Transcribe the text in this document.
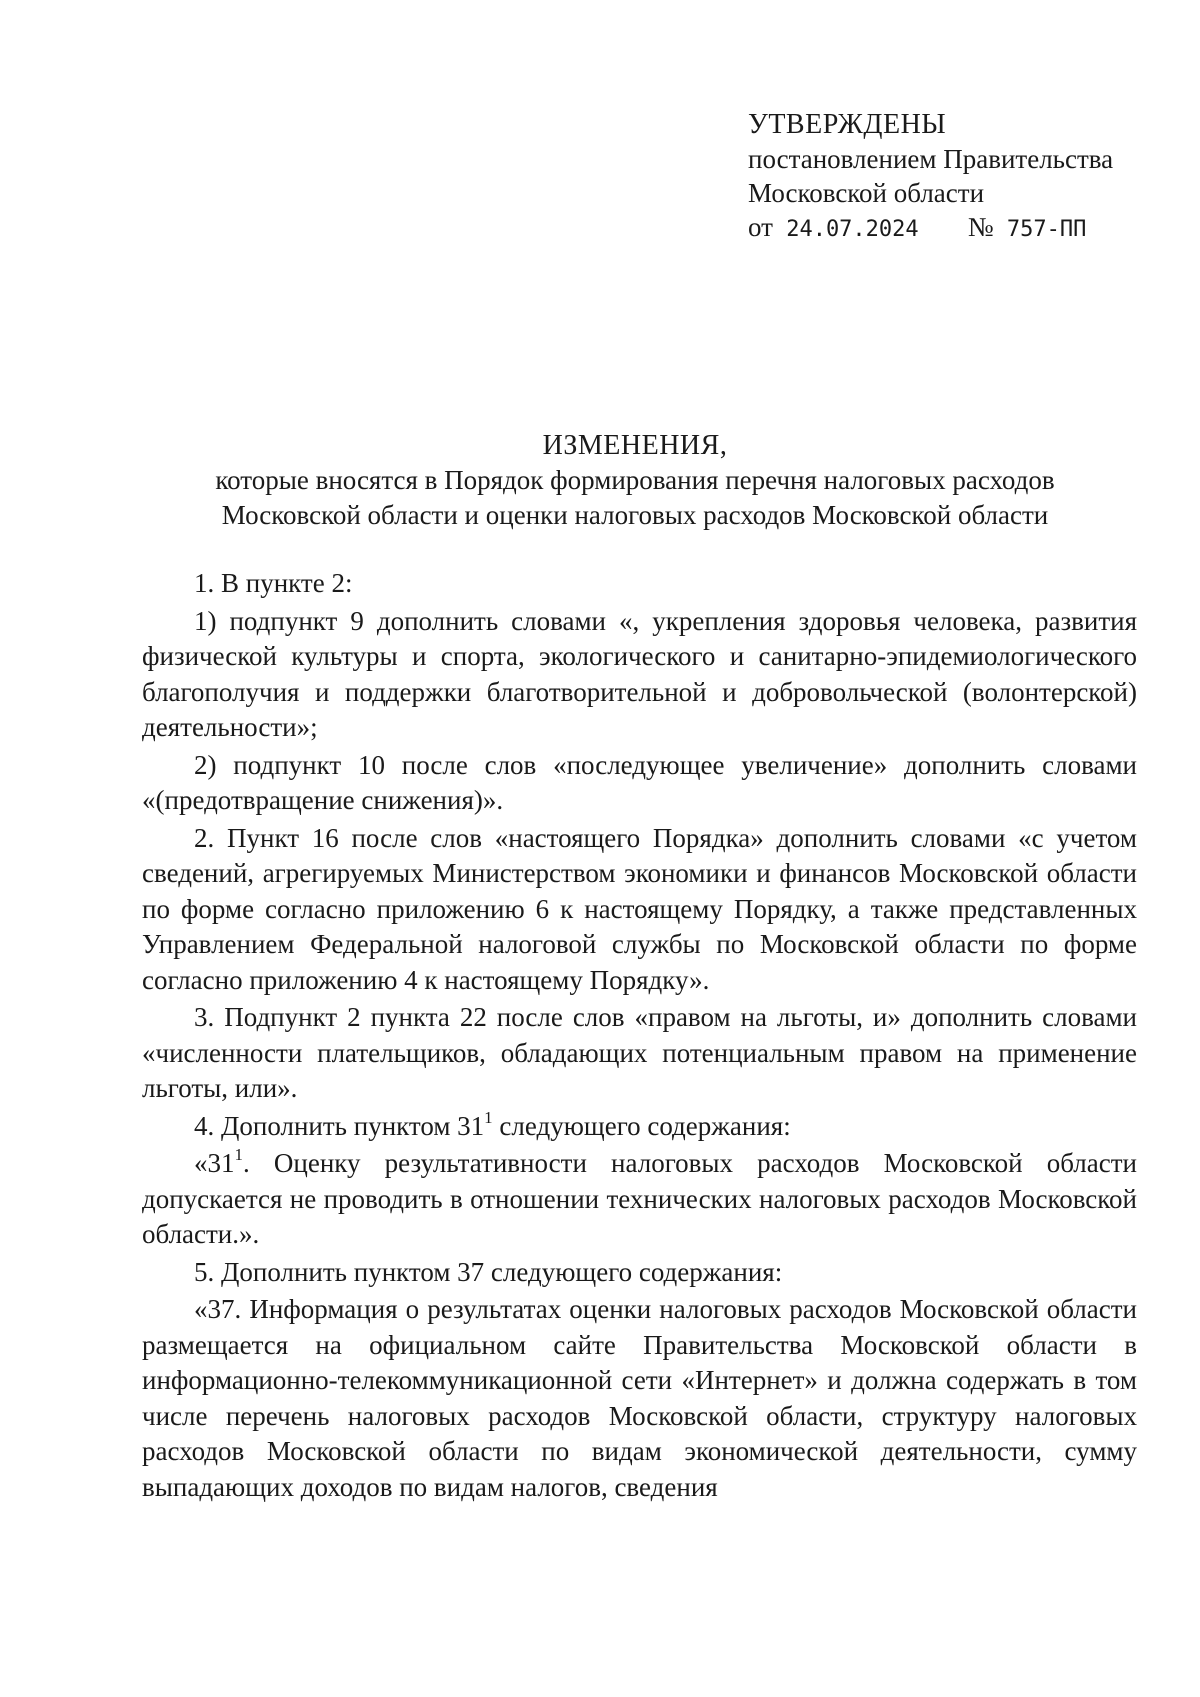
УТВЕРЖДЕНЫ
постановлением Правительства
Московской области
от 24.07.2024 № 757-ПП
ИЗМЕНЕНИЯ,
которые вносятся в Порядок формирования перечня налоговых расходов
Московской области и оценки налоговых расходов Московской области

1. В пункте 2:

1) подпункт 9 дополнить словами «, укрепления здоровья человека, развития физической культуры и спорта, экологического и санитарно-эпидемиологического благополучия и поддержки благотворительной и добровольческой (волонтерской) деятельности»;

2) подпункт 10 после слов «последующее увеличение» дополнить словами «(предотвращение снижения)».

2. Пункт 16 после слов «настоящего Порядка» дополнить словами «с учетом сведений, агрегируемых Министерством экономики и финансов Московской области по форме согласно приложению 6 к настоящему Порядку, а также представленных Управлением Федеральной налоговой службы по Московской области по форме согласно приложению 4 к настоящему Порядку».

3. Подпункт 2 пункта 22 после слов «правом на льготы, и» дополнить словами «численности плательщиков, обладающих потенциальным правом на применение льготы, или».

4. Дополнить пунктом $31^1$ следующего содержания:

«$31^1$. Оценку результативности налоговых расходов Московской области допускается не проводить в отношении технических налоговых расходов Московской области.».

5. Дополнить пунктом 37 следующего содержания:

«37. Информация о результатах оценки налоговых расходов Московской области размещается на официальном сайте Правительства Московской области в информационно-телекоммуникационной сети «Интернет» и должна содержать в том числе перечень налоговых расходов Московской области, структуру налоговых расходов Московской области по видам экономической деятельности, сумму выпадающих доходов по видам налогов, сведения
